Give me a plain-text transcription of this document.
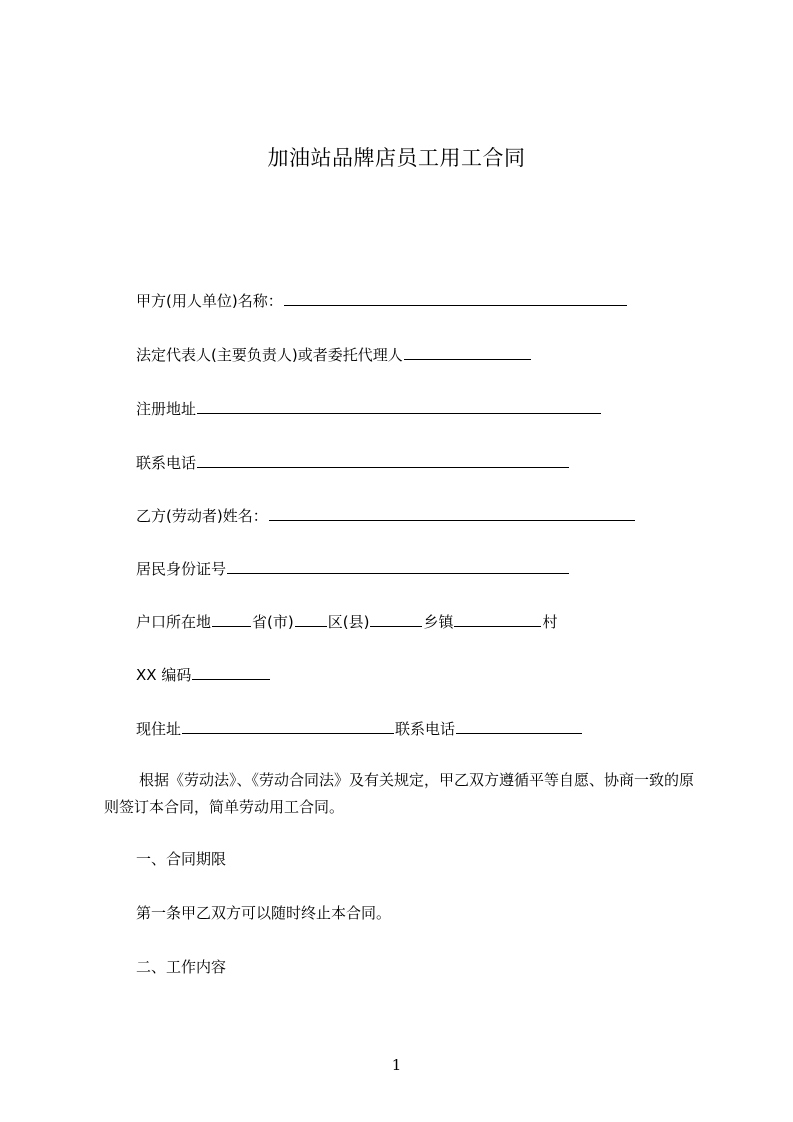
加油站品牌店员工用工合同
甲方(用人单位)名称：
法定代表人(主要负责人)或者委托代理人
注册地址
联系电话
乙方(劳动者)姓名：
居民身份证号
户口所在地	省(市) 区(县)	乡镇	村
XX 编码
现住址	联系电话
根据《劳动法》、《劳动合同法》及有关规定，甲乙双方遵循平等自愿、协商一致的原则签订本合同，简单劳动用工合同。
一、合同期限
第一条甲乙双方可以随时终止本合同。
二、工作内容
1
